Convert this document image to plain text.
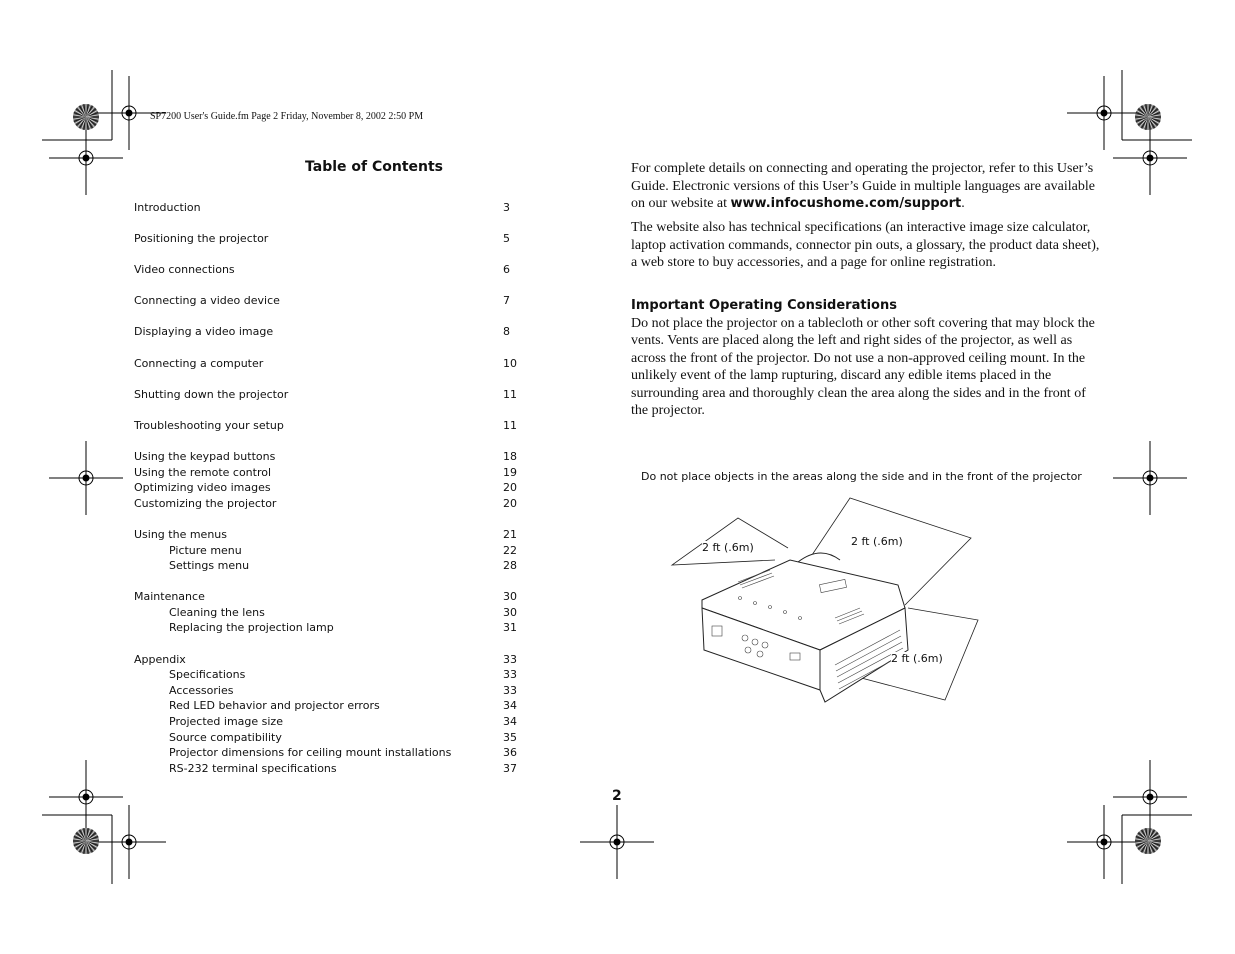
SP7200 User's Guide.fm Page 2 Friday, November 8, 2002 2:50 PM
Table of Contents
Introduction	3
Positioning the projector	5
Video connections	6
Connecting a video device	7
Displaying a video image	8
Connecting a computer	10
Shutting down the projector	11
Troubleshooting your setup	11
Using the keypad buttons	18
Using the remote control	19
Optimizing video images	20
Customizing the projector	20
Using the menus	21
Picture menu	22
Settings menu	28
Maintenance	30
Cleaning the lens	30
Replacing the projection lamp	31
Appendix	33
Specifications	33
Accessories	33
Red LED behavior and projector errors	34
Projected image size	34
Source compatibility	35
Projector dimensions for ceiling mount installations	36
RS-232 terminal specifications	37

For complete details on connecting and operating the projector, refer to this User’s Guide. Electronic versions of this User’s Guide in multiple languages are available on our website at www.infocushome.com/support.

The website also has technical specifications (an interactive image size calculator, laptop activation commands, connector pin outs, a glossary, the product data sheet), a web store to buy accessories, and a page for online registration.

Important Operating Considerations

Do not place the projector on a tablecloth or other soft covering that may block the vents. Vents are placed along the left and right sides of the projector, as well as across the front of the projector. Do not use a non-approved ceiling mount. In the unlikely event of the lamp rupturing, discard any edible items placed in the surrounding area and thoroughly clean the area along the sides and in the front of the projector.

Do not place objects in the areas along the side and in the front of the projector
2 ft (.6m)	2 ft (.6m)
2 ft (.6m)
2
